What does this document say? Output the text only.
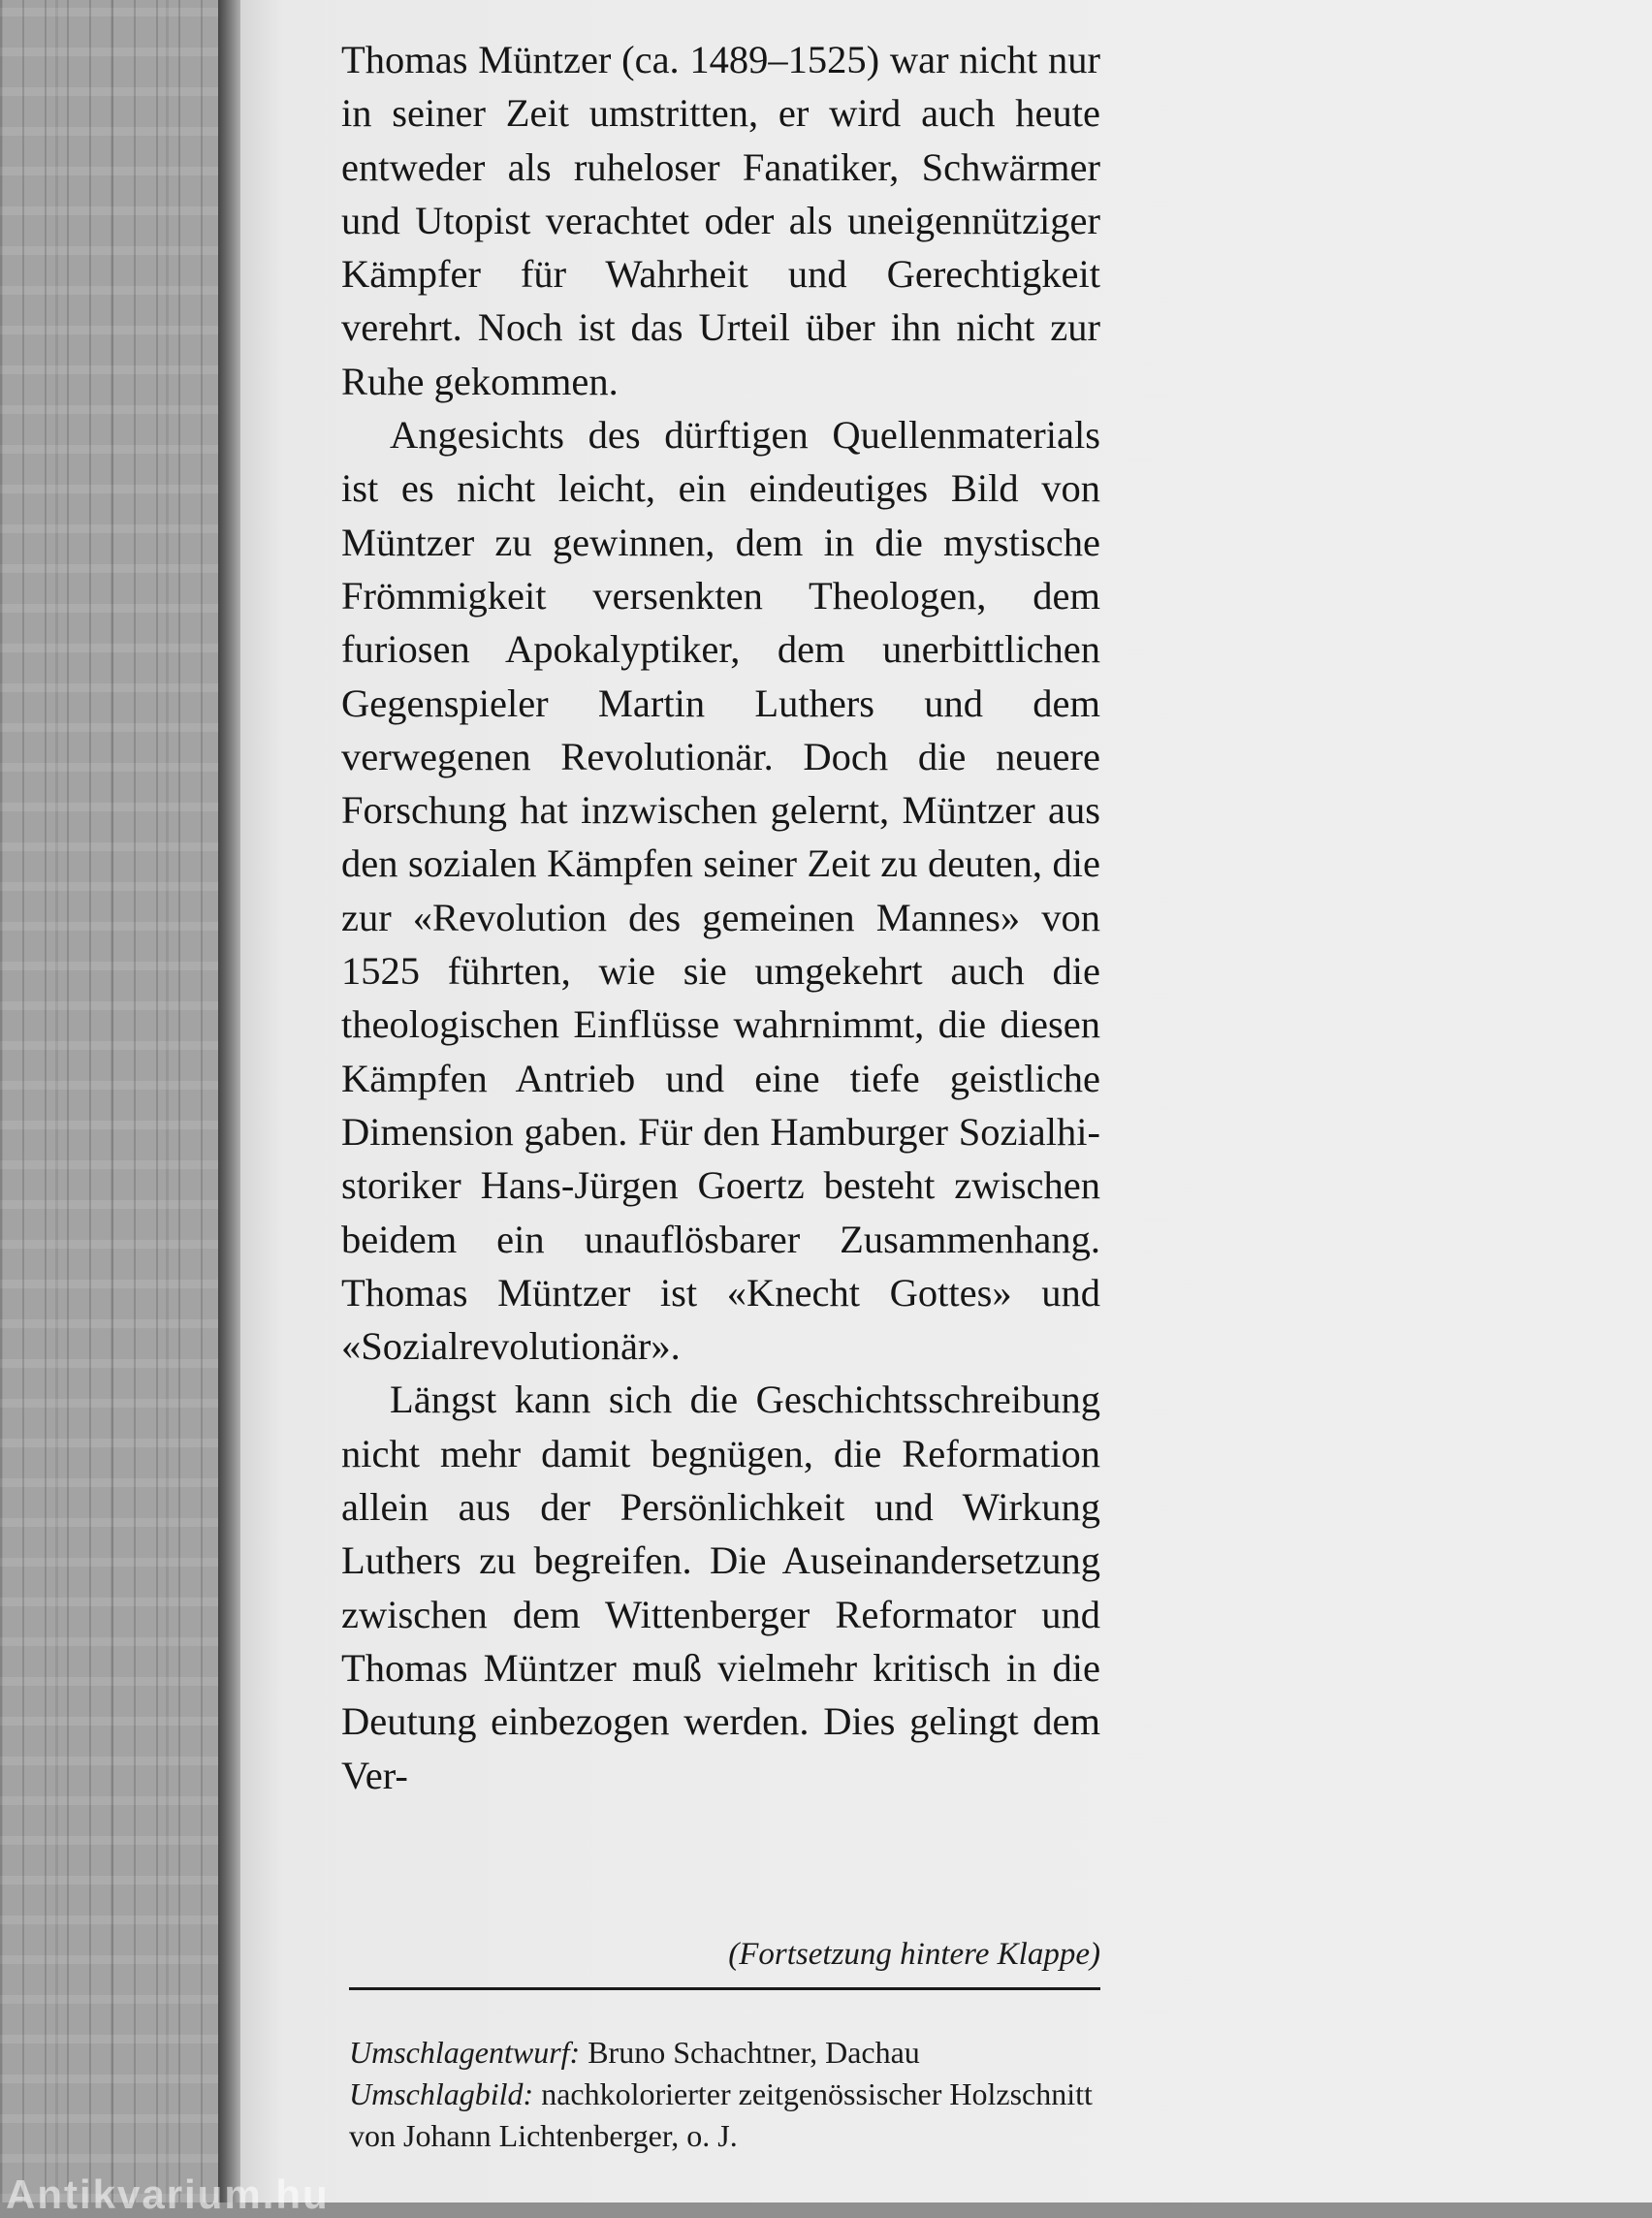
Thomas Müntzer (ca. 1489–1525) war nicht nur in seiner Zeit umstritten, er wird auch heute entweder als ruheloser Fanatiker, Schwärmer und Utopist verachtet oder als uneigennütziger Kämpfer für Wahrheit und Gerechtigkeit verehrt. Noch ist das Urteil über ihn nicht zur Ruhe gekommen.

Angesichts des dürftigen Quellenmaterials ist es nicht leicht, ein eindeutiges Bild von Müntzer zu gewinnen, dem in die mystische Frömmigkeit versenkten Theologen, dem furiosen Apokalyptiker, dem unerbittlichen Gegenspieler Martin Luthers und dem verwegenen Revolutionär. Doch die neuere Forschung hat inzwischen gelernt, Müntzer aus den sozialen Kämpfen seiner Zeit zu deuten, die zur «Revolution des gemeinen Mannes» von 1525 führten, wie sie umgekehrt auch die theologischen Einflüsse wahrnimmt, die diesen Kämpfen Antrieb und eine tiefe geistliche Dimension gaben. Für den Hamburger Sozialhistoriker Hans-Jürgen Goertz besteht zwischen beidem ein unauflösbarer Zusammenhang. Thomas Müntzer ist «Knecht Gottes» und «Sozialrevolutionär».

Längst kann sich die Geschichtsschreibung nicht mehr damit begnügen, die Reformation allein aus der Persönlichkeit und Wirkung Luthers zu begreifen. Die Auseinandersetzung zwischen dem Wittenberger Reformator und Thomas Müntzer muß vielmehr kritisch in die Deutung einbezogen werden. Dies gelingt dem Ver-

(Fortsetzung hintere Klappe)

Umschlagentwurf: Bruno Schachtner, Dachau

Umschlagbild: nachkolorierter zeitgenössischer Holzschnitt von Johann Lichtenberger, o. J.

Antikvarium.hu
